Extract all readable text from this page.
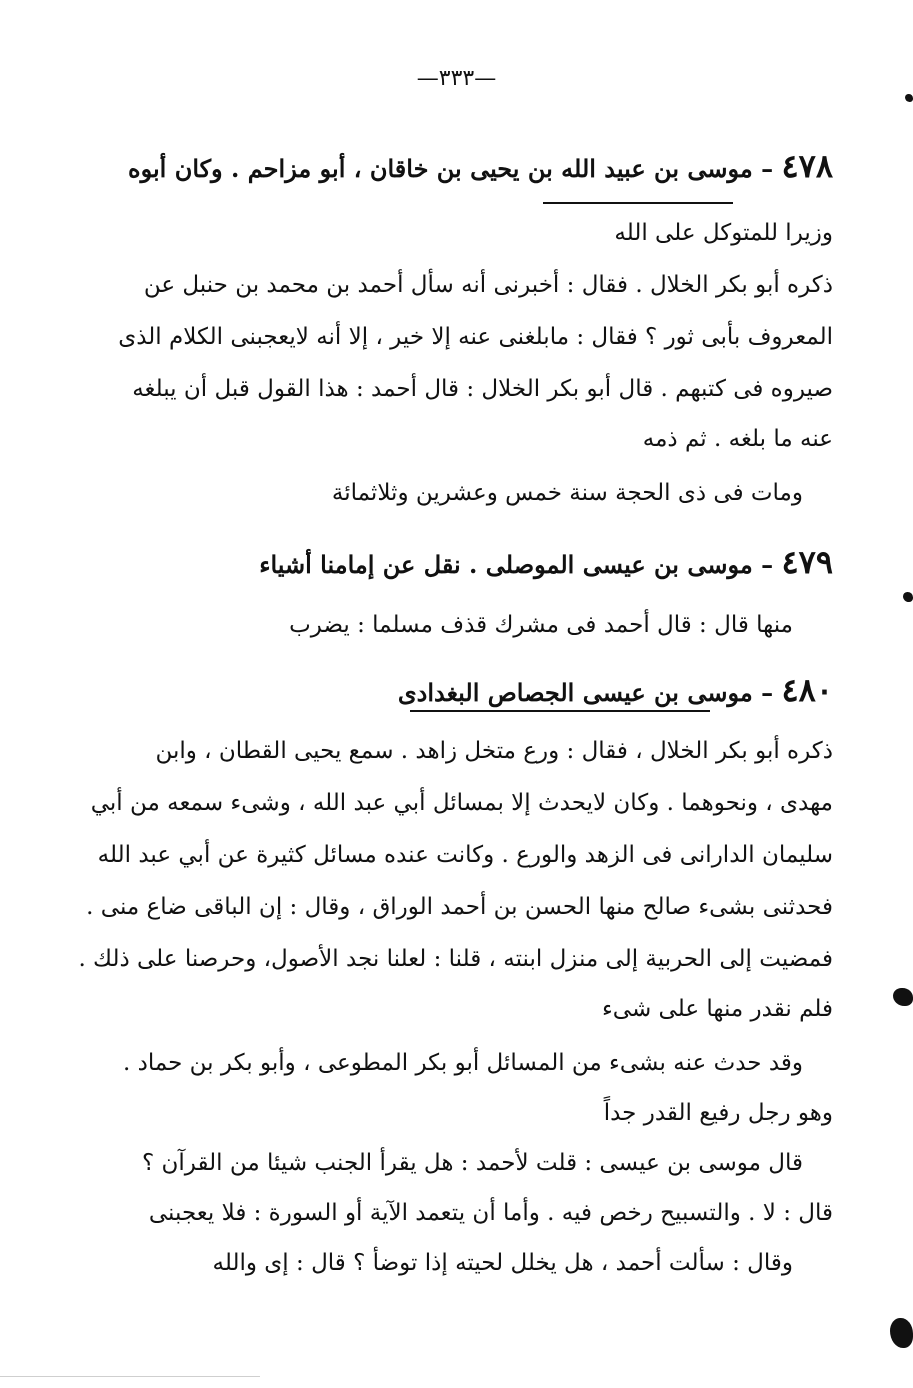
—٣٣٣—
٤٧٨ – موسى بن عبيد الله بن يحيى بن خاقان ، أبو مزاحم . وكان أبوه
وزيرا للمتوكل على الله
ذكره أبو بكر الخلال . فقال : أخبرنى أنه سأل أحمد بن محمد بن حنبل عن
المعروف بأبى ثور ؟ فقال : مابلغنى عنه إلا خير ، إلا أنه لايعجبنى الكلام الذى
صيروه فى كتبهم . قال أبو بكر الخلال : قال أحمد : هذا القول قبل أن يبلغه
عنه ما بلغه . ثم ذمه
ومات فى ذى الحجة سنة خمس وعشرين وثلاثمائة
٤٧٩ – موسى بن عيسى الموصلى . نقل عن إمامنا أشياء
منها قال : قال أحمد فى مشرك قذف مسلما : يضرب
٤٨٠ – موسى بن عيسى الجصاص البغدادى
ذكره أبو بكر الخلال ، فقال : ورع متخل زاهد . سمع يحيى القطان ، وابن
مهدى ، ونحوهما . وكان لايحدث إلا بمسائل أبي عبد الله ، وشىء سمعه من أبي
سليمان الدارانى فى الزهد والورع . وكانت عنده مسائل كثيرة عن أبي عبد الله
فحدثنى بشىء صالح منها الحسن بن أحمد الوراق ، وقال : إن الباقى ضاع منى .
فمضيت إلى الحربية إلى منزل ابنته ، قلنا : لعلنا نجد الأصول، وحرصنا على ذلك .
فلم نقدر منها على شىء
وقد حدث عنه بشىء من المسائل أبو بكر المطوعى ، وأبو بكر بن حماد .
وهو رجل رفيع القدر جداً
قال موسى بن عيسى : قلت لأحمد : هل يقرأ الجنب شيئا من القرآن ؟
قال : لا . والتسبيح رخص فيه . وأما أن يتعمد الآية أو السورة : فلا يعجبنى
وقال : سألت أحمد ، هل يخلل لحيته إذا توضأ ؟ قال : إى والله
